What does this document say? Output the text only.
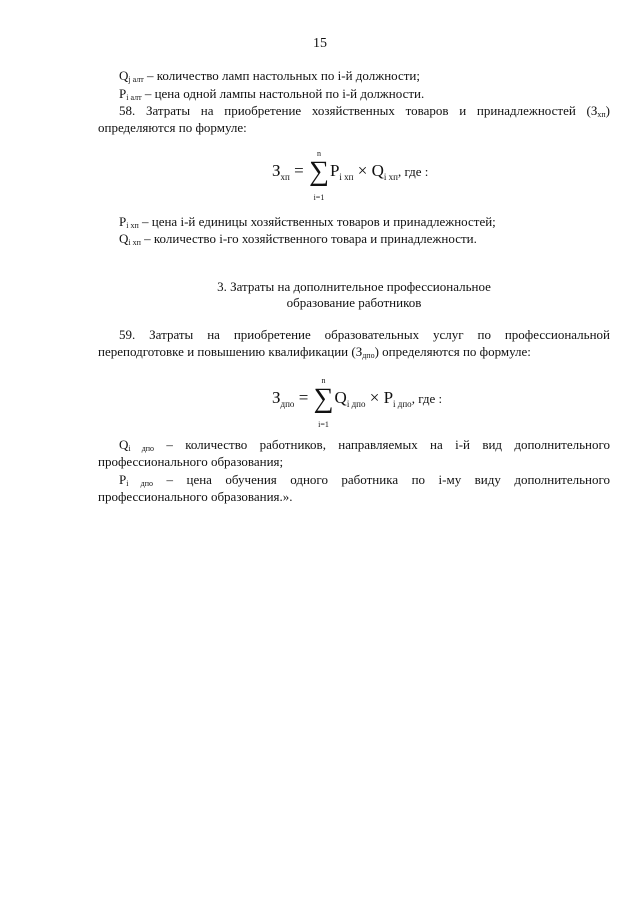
15
Qj алт – количество ламп настольных по i-й должности;
Pi алт – цена одной лампы настольной по i-й должности.
58. Затраты на приобретение хозяйственных товаров и принадлежностей (Зхп)
определяются по формуле:
$З_{хп}$ =
n
∑
i=1
$P_{i хп} \times Q_{i хп}$, где :
Pi хп – цена i-й единицы хозяйственных товаров и принадлежностей;
Qi хп – количество i-го хозяйственного товара и принадлежности.
3. Затраты на дополнительное профессиональное
образование работников
59. Затраты на приобретение образовательных услуг по профессиональной
переподготовке и повышению квалификации (Здпо) определяются по формуле:
$З_{дпо}$ =
n
∑
i=1
$Q_{i дпо} \times P_{i дпо}$, где :
Qi дпо – количество работников, направляемых на i-й вид дополнительного
профессионального образования;
Pi дпо – цена обучения одного работника по i-му виду дополнительного
профессионального образования.».
